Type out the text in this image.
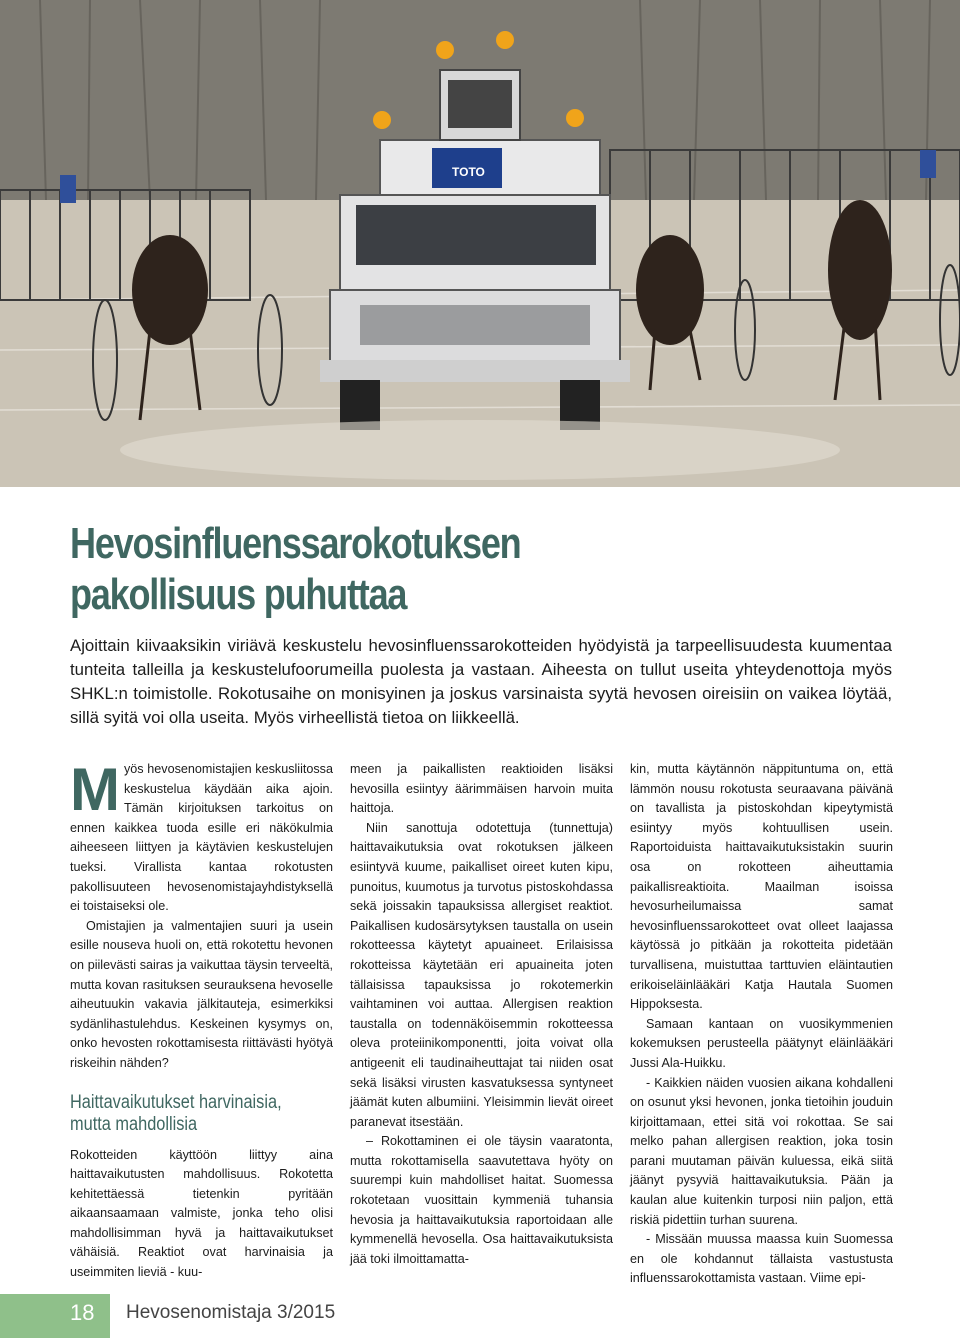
TOTO
Hevosinfluenssarokotuksen
pakollisuus puhuttaa

Ajoittain kiivaaksikin viriävä keskustelu hevosinfluenssarokotteiden hyödyistä ja tarpeellisuudesta kuumentaa tunteita talleilla ja keskustelufoorumeilla puolesta ja vastaan. Aiheesta on tullut useita yhteydenottoja myös SHKL:n toimistolle. Rokotusaihe on monisyinen ja joskus varsinaista syytä hevosen oireisiin on vaikea löytää, sillä syitä voi olla useita. Myös virheellistä tietoa on liikkeellä.

Myös hevosenomistajien keskusliitossa keskustelua käydään aika ajoin. Tämän kirjoituksen tarkoitus on ennen kaikkea tuoda esille eri näkökulmia aiheeseen liittyen ja käytävien keskustelujen tueksi. Virallista kantaa rokotusten pakollisuuteen hevosenomistajayhdistyksellä ei toistaiseksi ole.

Omistajien ja valmentajien suuri ja usein esille nouseva huoli on, että rokotettu hevonen on piilevästi sairas ja vaikuttaa täysin terveeltä, mutta kovan rasituksen seurauksena hevoselle aiheutuukin vakavia jälkitauteja, esimerkiksi sydänlihastulehdus. Keskeinen kysymys on, onko hevosten rokottamisesta riittävästi hyötyä riskeihin nähden?

Haittavaikutukset harvinaisia,
mutta mahdollisia

Rokotteiden käyttöön liittyy aina haittavaikutusten mahdollisuus. Rokotetta kehitettäessä tietenkin pyritään aikaansaamaan valmiste, jonka teho olisi mahdollisimman hyvä ja haittavaikutukset vähäisiä. Reaktiot ovat harvinaisia ja useimmiten lieviä - kuu-

meen ja paikallisten reaktioiden lisäksi hevosilla esiintyy äärimmäisen harvoin muita haittoja.

Niin sanottuja odotettuja (tunnettuja) haittavaikutuksia ovat rokotuksen jälkeen esiintyvä kuume, paikalliset oireet kuten kipu, punoitus, kuumotus ja turvotus pistoskohdassa sekä joissakin tapauksissa allergiset reaktiot. Paikallisen kudosärsytyksen taustalla on usein rokotteessa käytetyt apuaineet. Erilaisissa rokotteissa käytetään eri apuaineita joten tällaisissa tapauksissa jo rokotemerkin vaihtaminen voi auttaa. Allergisen reaktion taustalla on todennäköisemmin rokotteessa oleva proteiinikomponentti, joita voivat olla antigeenit eli taudinaiheuttajat tai niiden osat sekä lisäksi virusten kasvatuksessa syntyneet jäämät kuten albumiini. Yleisimmin lievät oireet paranevat itsestään.

– Rokottaminen ei ole täysin vaaratonta, mutta rokottamisella saavutettava hyöty on suurempi kuin mahdolliset haitat. Suomessa rokotetaan vuosittain kymmeniä tuhansia hevosia ja haittavaikutuksia raportoidaan alle kymmenellä hevosella. Osa haittavaikutuksista jää toki ilmoittamatta-

kin, mutta käytännön näppituntuma on, että lämmön nousu rokotusta seuraavana päivänä on tavallista ja pistoskohdan kipeytymistä esiintyy myös kohtuullisen usein. Raportoiduista haittavaikutuksistakin suurin osa on rokotteen aiheuttamia paikallisreaktioita. Maailman isoissa hevosurheilumaissa samat hevosinfluenssarokotteet ovat olleet laajassa käytössä jo pitkään ja rokotteita pidetään turvallisena, muistuttaa tarttuvien eläintautien erikoiseläinlääkäri Katja Hautala Suomen Hippoksesta.

Samaan kantaan on vuosikymmenien kokemuksen perusteella päätynyt eläinlääkäri Jussi Ala-Huikku.

- Kaikkien näiden vuosien aikana kohdalleni on osunut yksi hevonen, jonka tietoihin jouduin kirjoittamaan, ettei sitä voi rokottaa. Se sai melko pahan allergisen reaktion, joka tosin parani muutaman päivän kuluessa, eikä siitä jäänyt pysyviä haittavaikutuksia. Pään ja kaulan alue kuitenkin turposi niin paljon, että riskiä pidettiin turhan suurena.

- Missään muussa maassa kuin Suomessa en ole kohdannut tällaista vastustusta influenssarokottamista vastaan. Viime epi-

18 Hevosenomistaja 3/2015
